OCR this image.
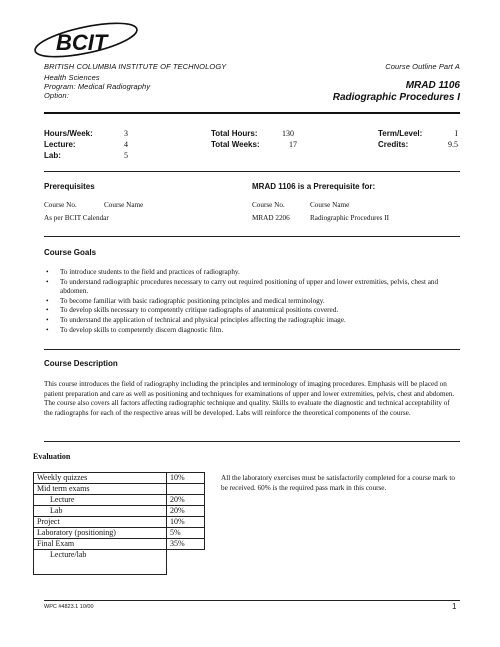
BCIT
BRITISH COLUMBIA INSTITUTE OF TECHNOLOGY
Health Sciences
Program: Medical Radiography
Option:
Course Outline Part A
MRAD 1106
Radiographic Procedures I
Hours/Week:	3
Lecture:	4
Lab:	5
Total Hours:	130
Total Weeks:	17
Term/Level:	I
Credits:	9.5
Prerequisites
Course No.	Course Name
As per BCIT Calendar
MRAD 1106 is a Prerequisite for:
Course No.	Course Name
MRAD 2206	Radiographic Procedures II
Course Goals
• To introduce students to the field and practices of radiography.
• To understand radiographic procedures necessary to carry out required positioning of upper and lower extremities, pelvis, chest and abdomen.
• To become familiar with basic radiographic positioning principles and medical terminology.
• To develop skills necessary to competently critique radiographs of anatomical positions covered.
• To understand the application of technical and physical principles affecting the radiographic image.
• To develop skills to competently discern diagnostic film.
Course Description
This course introduces the field of radiography including the principles and terminology of imaging procedures. Emphasis will be placed on patient preparation and care as well as positioning and techniques for examinations of upper and lower extremities, pelvis, chest and abdomen. The course also covers all factors affecting radiographic technique and quality. Skills to evaluate the diagnostic and technical acceptability of the radiographs for each of the respective areas will be developed. Labs will reinforce the theoretical components of the course.
Evaluation
Weekly quizzes	10%
Mid term exams	
Lecture	20%
Lab	20%
Project	10%
Laboratory (positioning)	5%
Final Exam	35%
Lecture/lab	
All the laboratory exercises must be satisfactorily completed for a course mark to be received. 60% is the required pass mark in this course.
WPC #4823.1 10/00	1
